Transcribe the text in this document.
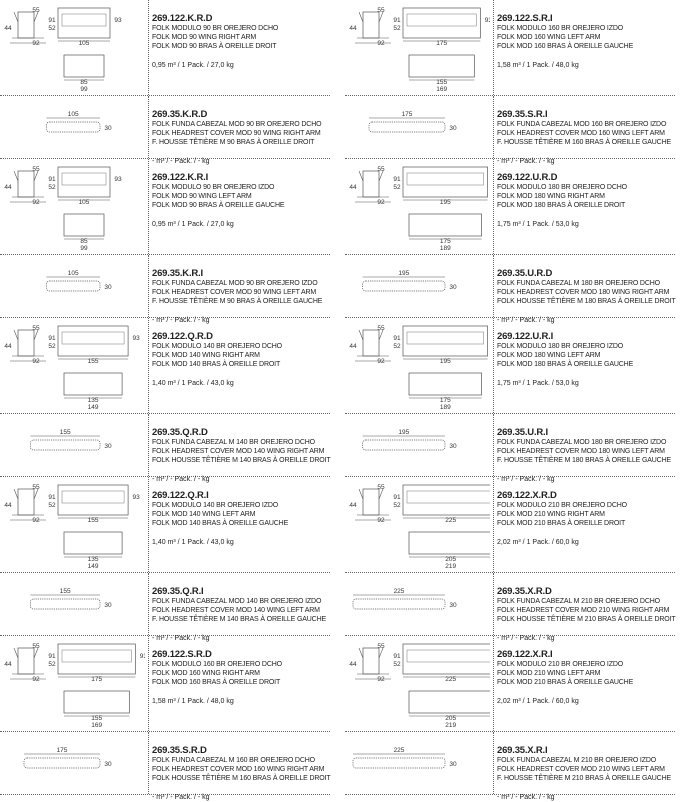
55
44
92
91
105
93
52
85
99
269.122.K.R.D
FOLK MODULO 90 BR OREJERO DCHO
FOLK MOD 90 WING RIGHT ARM
FOLK MOD 90 BRAS À OREILLE DROIT
0,95 m³ / 1 Pack. / 27,0 kg
105
30
269.35.K.R.D
FOLK FUNDA CABEZAL MOD 90 BR OREJERO DCHO
FOLK HEADREST COVER MOD 90 WING RIGHT ARM
F. HOUSSE TÊTIÈRE M 90 BRAS À OREILLE DROIT
- m³ / - Pack. / - kg
55
44
92
91
105
93
52
85
99
269.122.K.R.I
FOLK MODULO 90 BR OREJERO IZDO
FOLK MOD 90 WING LEFT ARM
FOLK MOD 90 BRAS À OREILLE GAUCHE
0,95 m³ / 1 Pack. / 27,0 kg
105
30
269.35.K.R.I
FOLK FUNDA CABEZAL MOD 90 BR OREJERO IZDO
FOLK HEADREST COVER MOD 90 WING LEFT ARM
F. HOUSSE TÊTIÈRE M 90 BRAS À OREILLE GAUCHE
- m³ / - Pack. / - kg
55
44
92
91
155
93
52
135
149
269.122.Q.R.D
FOLK MODULO 140 BR OREJERO DCHO
FOLK MOD 140 WING RIGHT ARM
FOLK MOD 140 BRAS À OREILLE DROIT
1,40 m³ / 1 Pack. / 43,0 kg
155
30
269.35.Q.R.D
FOLK FUNDA CABEZAL M 140 BR OREJERO DCHO
FOLK HEADREST COVER MOD 140 WING RIGHT ARM
FOLK HOUSSE TÊTIÈRE M 140 BRAS À OREILLE DROIT
- m³ / - Pack. / - kg
55
44
92
91
155
93
52
135
149
269.122.Q.R.I
FOLK MODULO 140 BR OREJERO IZDO
FOLK MOD 140 WING LEFT ARM
FOLK MOD 140 BRAS À OREILLE GAUCHE
1,40 m³ / 1 Pack. / 43,0 kg
155
30
269.35.Q.R.I
FOLK FUNDA CABEZAL MOD 140 BR OREJERO IZDO
FOLK HEADREST COVER MOD 140 WING LEFT ARM
F. HOUSSE TÊTIÈRE M 140 BRAS À OREILLE GAUCHE
- m³ / - Pack. / - kg
55
44
92
91
175
9
52
155
169
269.122.S.R.D
FOLK MODULO 160 BR OREJERO DCHO
FOLK MOD 160 WING RIGHT ARM
FOLK MOD 160 BRAS À OREILLE DROIT
1,58 m³ / 1 Pack. / 48,0 kg
175
30
269.35.S.R.D
FOLK FUNDA CABEZAL M 160 BR OREJERO DCHO
FOLK HEADREST COVER MOD 160 WING RIGHT ARM
FOLK HOUSSE TÊTIÈRE M 160 BRAS À OREILLE DROIT
- m³ / - Pack. / - kg
55
44
92
91
175
9
52
155
169
269.122.S.R.I
FOLK MODULO 160 BR OREJERO IZDO
FOLK MOD 160 WING LEFT ARM
FOLK MOD 160 BRAS À OREILLE GAUCHE
1,58 m³ / 1 Pack. / 48,0 kg
175
30
269.35.S.R.I
FOLK FUNDA CABEZAL MOD 160 BR OREJERO IZDO
FOLK HEADREST COVER MOD 160 WING LEFT ARM
F. HOUSSE TÊTIÈRE M 160 BRAS À OREILLE GAUCHE
- m³ / - Pack. / - kg
55
44
92
91
195
52
175
189
269.122.U.R.D
FOLK MODULO 180 BR OREJERO DCHO
FOLK MOD 180 WING RIGHT ARM
FOLK MOD 180 BRAS À OREILLE DROIT
1,75 m³ / 1 Pack. / 53,0 kg
195
30
269.35.U.R.D
FOLK FUNDA CABEZAL M 180 BR OREJERO DCHO
FOLK HEADREST COVER MOD 180 WING RIGHT ARM
FOLK HOUSSE TÊTIÈRE M 180 BRAS À OREILLE DROIT
- m³ / - Pack. / - kg
55
44
92
91
195
52
175
189
269.122.U.R.I
FOLK MODULO 180 BR OREJERO IZDO
FOLK MOD 180 WING LEFT ARM
FOLK MOD 180 BRAS À OREILLE GAUCHE
1,75 m³ / 1 Pack. / 53,0 kg
195
30
269.35.U.R.I
FOLK FUNDA CABEZAL MOD 180 BR OREJERO IZDO
FOLK HEADREST COVER MOD 180 WING LEFT ARM
F. HOUSSE TÊTIÈRE M 180 BRAS À OREILLE GAUCHE
- m³ / - Pack. / - kg
55
44
92
91
225
52
205
219
269.122.X.R.D
FOLK MODULO 210 BR OREJERO DCHO
FOLK MOD 210 WING RIGHT ARM
FOLK MOD 210 BRAS À OREILLE DROIT
2,02 m³ / 1 Pack. / 60,0 kg
225
30
269.35.X.R.D
FOLK FUNDA CABEZAL M 210 BR OREJERO DCHO
FOLK HEADREST COVER MOD 210 WING RIGHT ARM
FOLK HOUSSE TÊTIÈRE M 210 BRAS À OREILLE DROIT
- m³ / - Pack. / - kg
55
44
92
91
225
52
205
219
269.122.X.R.I
FOLK MODULO 210 BR OREJERO IZDO
FOLK MOD 210 WING LEFT ARM
FOLK MOD 210 BRAS À OREILLE GAUCHE
2,02 m³ / 1 Pack. / 60,0 kg
225
30
269.35.X.R.I
FOLK FUNDA CABEZAL M 210 BR OREJERO IZDO
FOLK HEADREST COVER MOD 210 WING LEFT ARM
F. HOUSSE TÊTIÈRE M 210 BRAS À OREILLE GAUCHE
- m³ / - Pack. / - kg
